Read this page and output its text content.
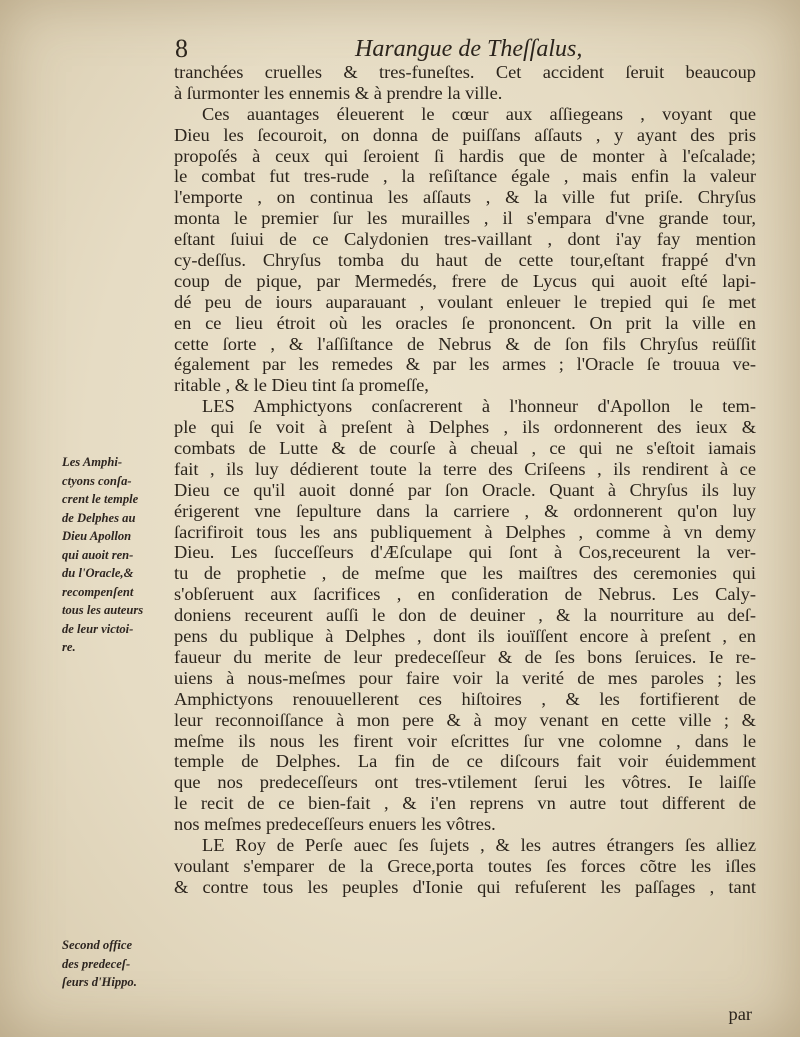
8	Harangue de Theſſalus,
tranchées cruelles & tres-funeſtes. Cet accident ſeruit beaucoup
à ſurmonter les ennemis & à prendre la ville.
Ces auantages éleuerent le cœur aux aſſiegeans , voyant que
Dieu les ſecouroit, on donna de puiſſans aſſauts , y ayant des pris
propoſés à ceux qui ſeroient ſi hardis que de monter à l'eſcalade;
le combat fut tres-rude , la reſiſtance égale , mais enfin la valeur
l'emporte , on continua les aſſauts , & la ville fut priſe. Chryſus
monta le premier ſur les murailles , il s'empara d'vne grande tour,
eſtant ſuiui de ce Calydonien tres-vaillant , dont i'ay fay mention
cy-deſſus. Chryſus tomba du haut de cette tour,eſtant frappé d'vn
coup de pique, par Mermedés, frere de Lycus qui auoit eſté lapi-
dé peu de iours auparauant , voulant enleuer le trepied qui ſe met
en ce lieu étroit où les oracles ſe prononcent. On prit la ville en
cette ſorte , & l'aſſiſtance de Nebrus & de ſon fils Chryſus reüſſit
également par les remedes & par les armes ; l'Oracle ſe trouua ve-
ritable , & le Dieu tint ſa promeſſe,
LES Amphictyons conſacrerent à l'honneur d'Apollon le tem-
ple qui ſe voit à preſent à Delphes , ils ordonnerent des ieux &
combats de Lutte & de courſe à cheual , ce qui ne s'eſtoit iamais
fait , ils luy dédierent toute la terre des Criſeens , ils rendirent à ce
Dieu ce qu'il auoit donné par ſon Oracle. Quant à Chryſus ils luy
érigerent vne ſepulture dans la carriere , & ordonnerent qu'on luy
ſacrifiroit tous les ans publiquement à Delphes , comme à vn demy
Dieu. Les ſucceſſeurs d'Æſculape qui ſont à Cos,receurent la ver-
tu de prophetie , de meſme que les maiſtres des ceremonies qui
s'obſeruent aux ſacrifices , en conſideration de Nebrus. Les Caly-
doniens receurent auſſi le don de deuiner , & la nourriture au deſ-
pens du publique à Delphes , dont ils iouïſſent encore à preſent , en
faueur du merite de leur predeceſſeur & de ſes bons ſeruices. Ie re-
uiens à nous-meſmes pour faire voir la verité de mes paroles ; les
Amphictyons renouuellerent ces hiſtoires , & les fortifierent de
leur reconnoiſſance à mon pere & à moy venant en cette ville ; &
meſme ils nous les firent voir eſcrittes ſur vne colomne , dans le
temple de Delphes. La fin de ce diſcours fait voir éuidemment
que nos predeceſſeurs ont tres-vtilement ſerui les vôtres. Ie laiſſe
le recit de ce bien-fait , & i'en reprens vn autre tout different de
nos meſmes predeceſſeurs enuers les vôtres.
LE Roy de Perſe auec ſes ſujets , & les autres étrangers ſes alliez
voulant s'emparer de la Grece,porta toutes ſes forces cõtre les iſles
& contre tous les peuples d'Ionie qui refuſerent les paſſages , tant
Les Amphi-
ctyons conſa-
crent le temple
de Delphes au
Dieu Apollon
qui auoit ren-
du l'Oracle,&
recompenſent
tous les auteurs
de leur victoi-
re.
Second office
des predeceſ-
ſeurs d'Hippo.
par
